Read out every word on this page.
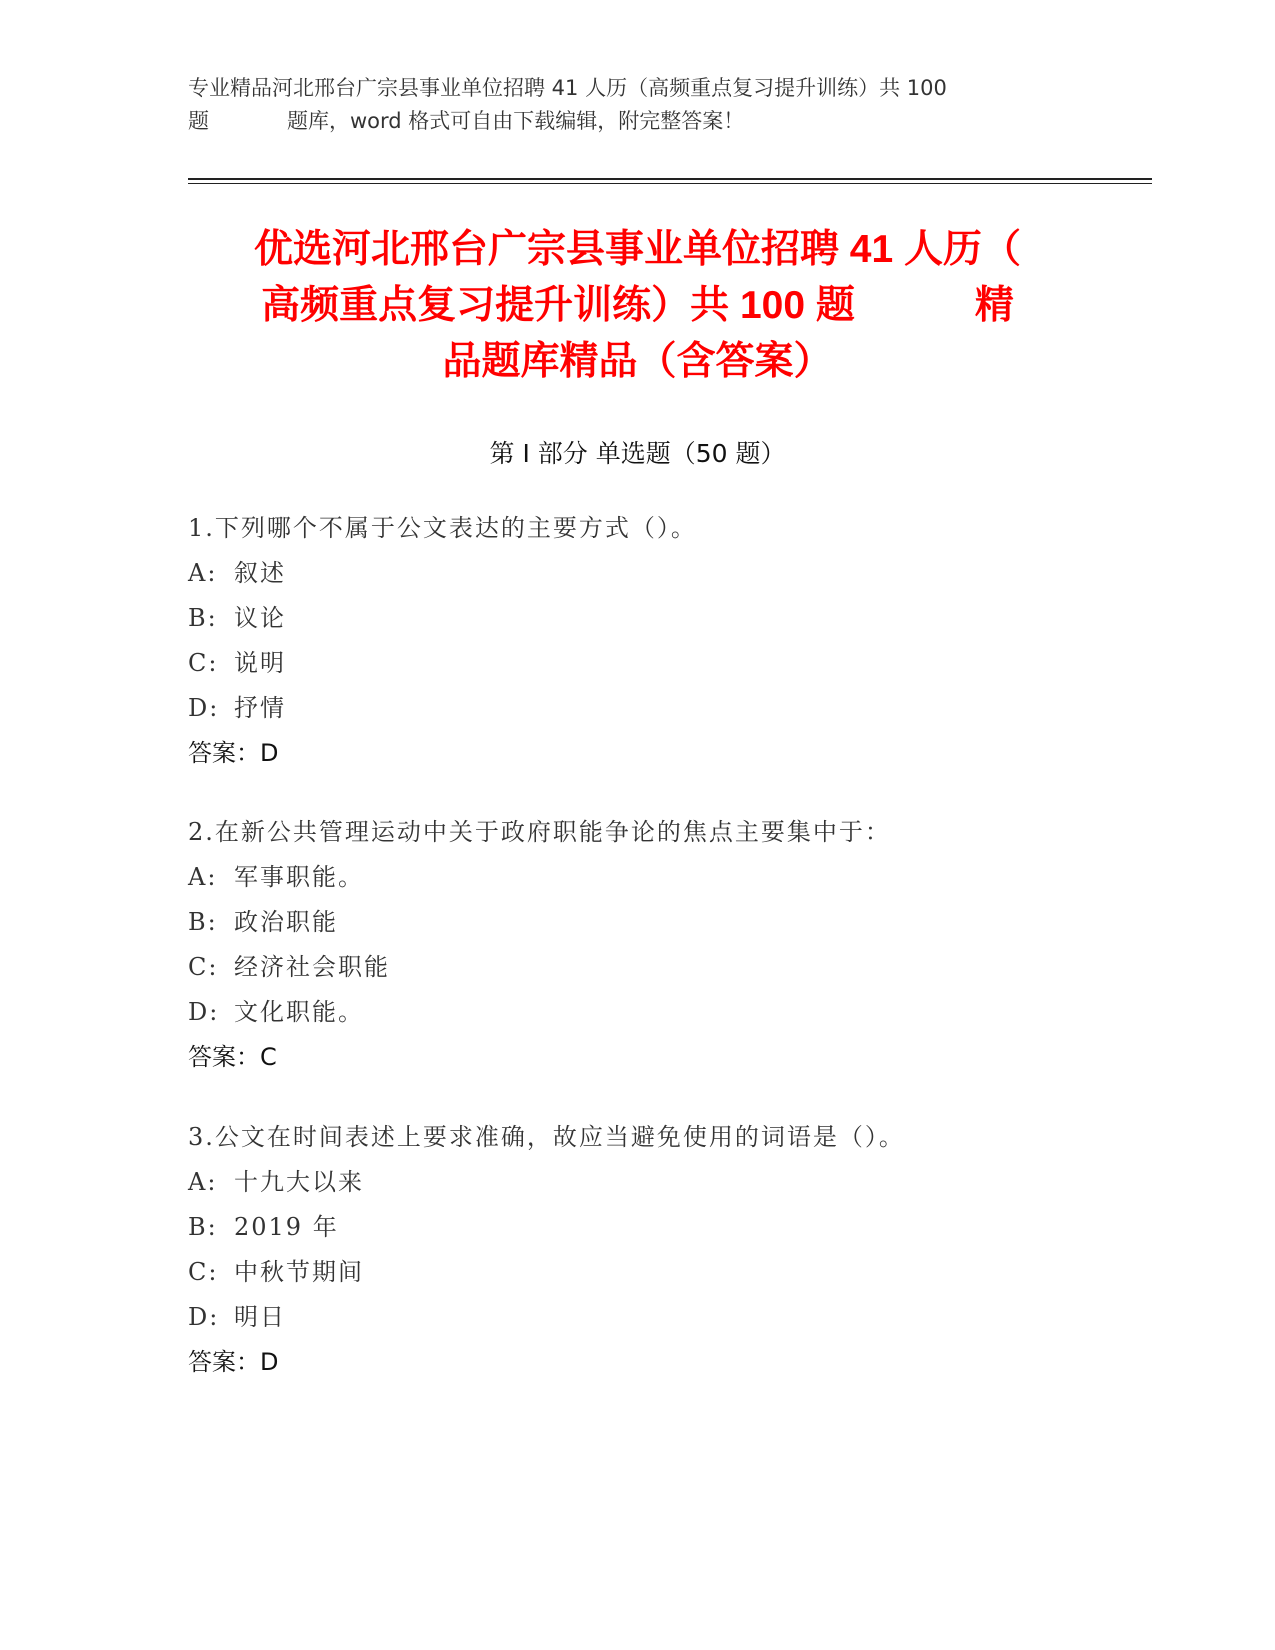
专业精品河北邢台广宗县事业单位招聘 41 人历（高频重点复习提升训练）共 100
题	题库，word 格式可自由下载编辑，附完整答案！
优选河北邢台广宗县事业单位招聘 41 人历（
高频重点复习提升训练）共 100 题	精
品题库精品（含答案）
第 I 部分 单选题（50 题）
1.下列哪个不属于公文表达的主要方式（）。
A: 叙述
B: 议论
C: 说明
D: 抒情
答案：D
2.在新公共管理运动中关于政府职能争论的焦点主要集中于：
A: 军事职能。
B: 政治职能
C: 经济社会职能
D: 文化职能。
答案：C
3.公文在时间表述上要求准确，故应当避免使用的词语是（）。
A: 十九大以来
B: 2019 年
C: 中秋节期间
D: 明日
答案：D
